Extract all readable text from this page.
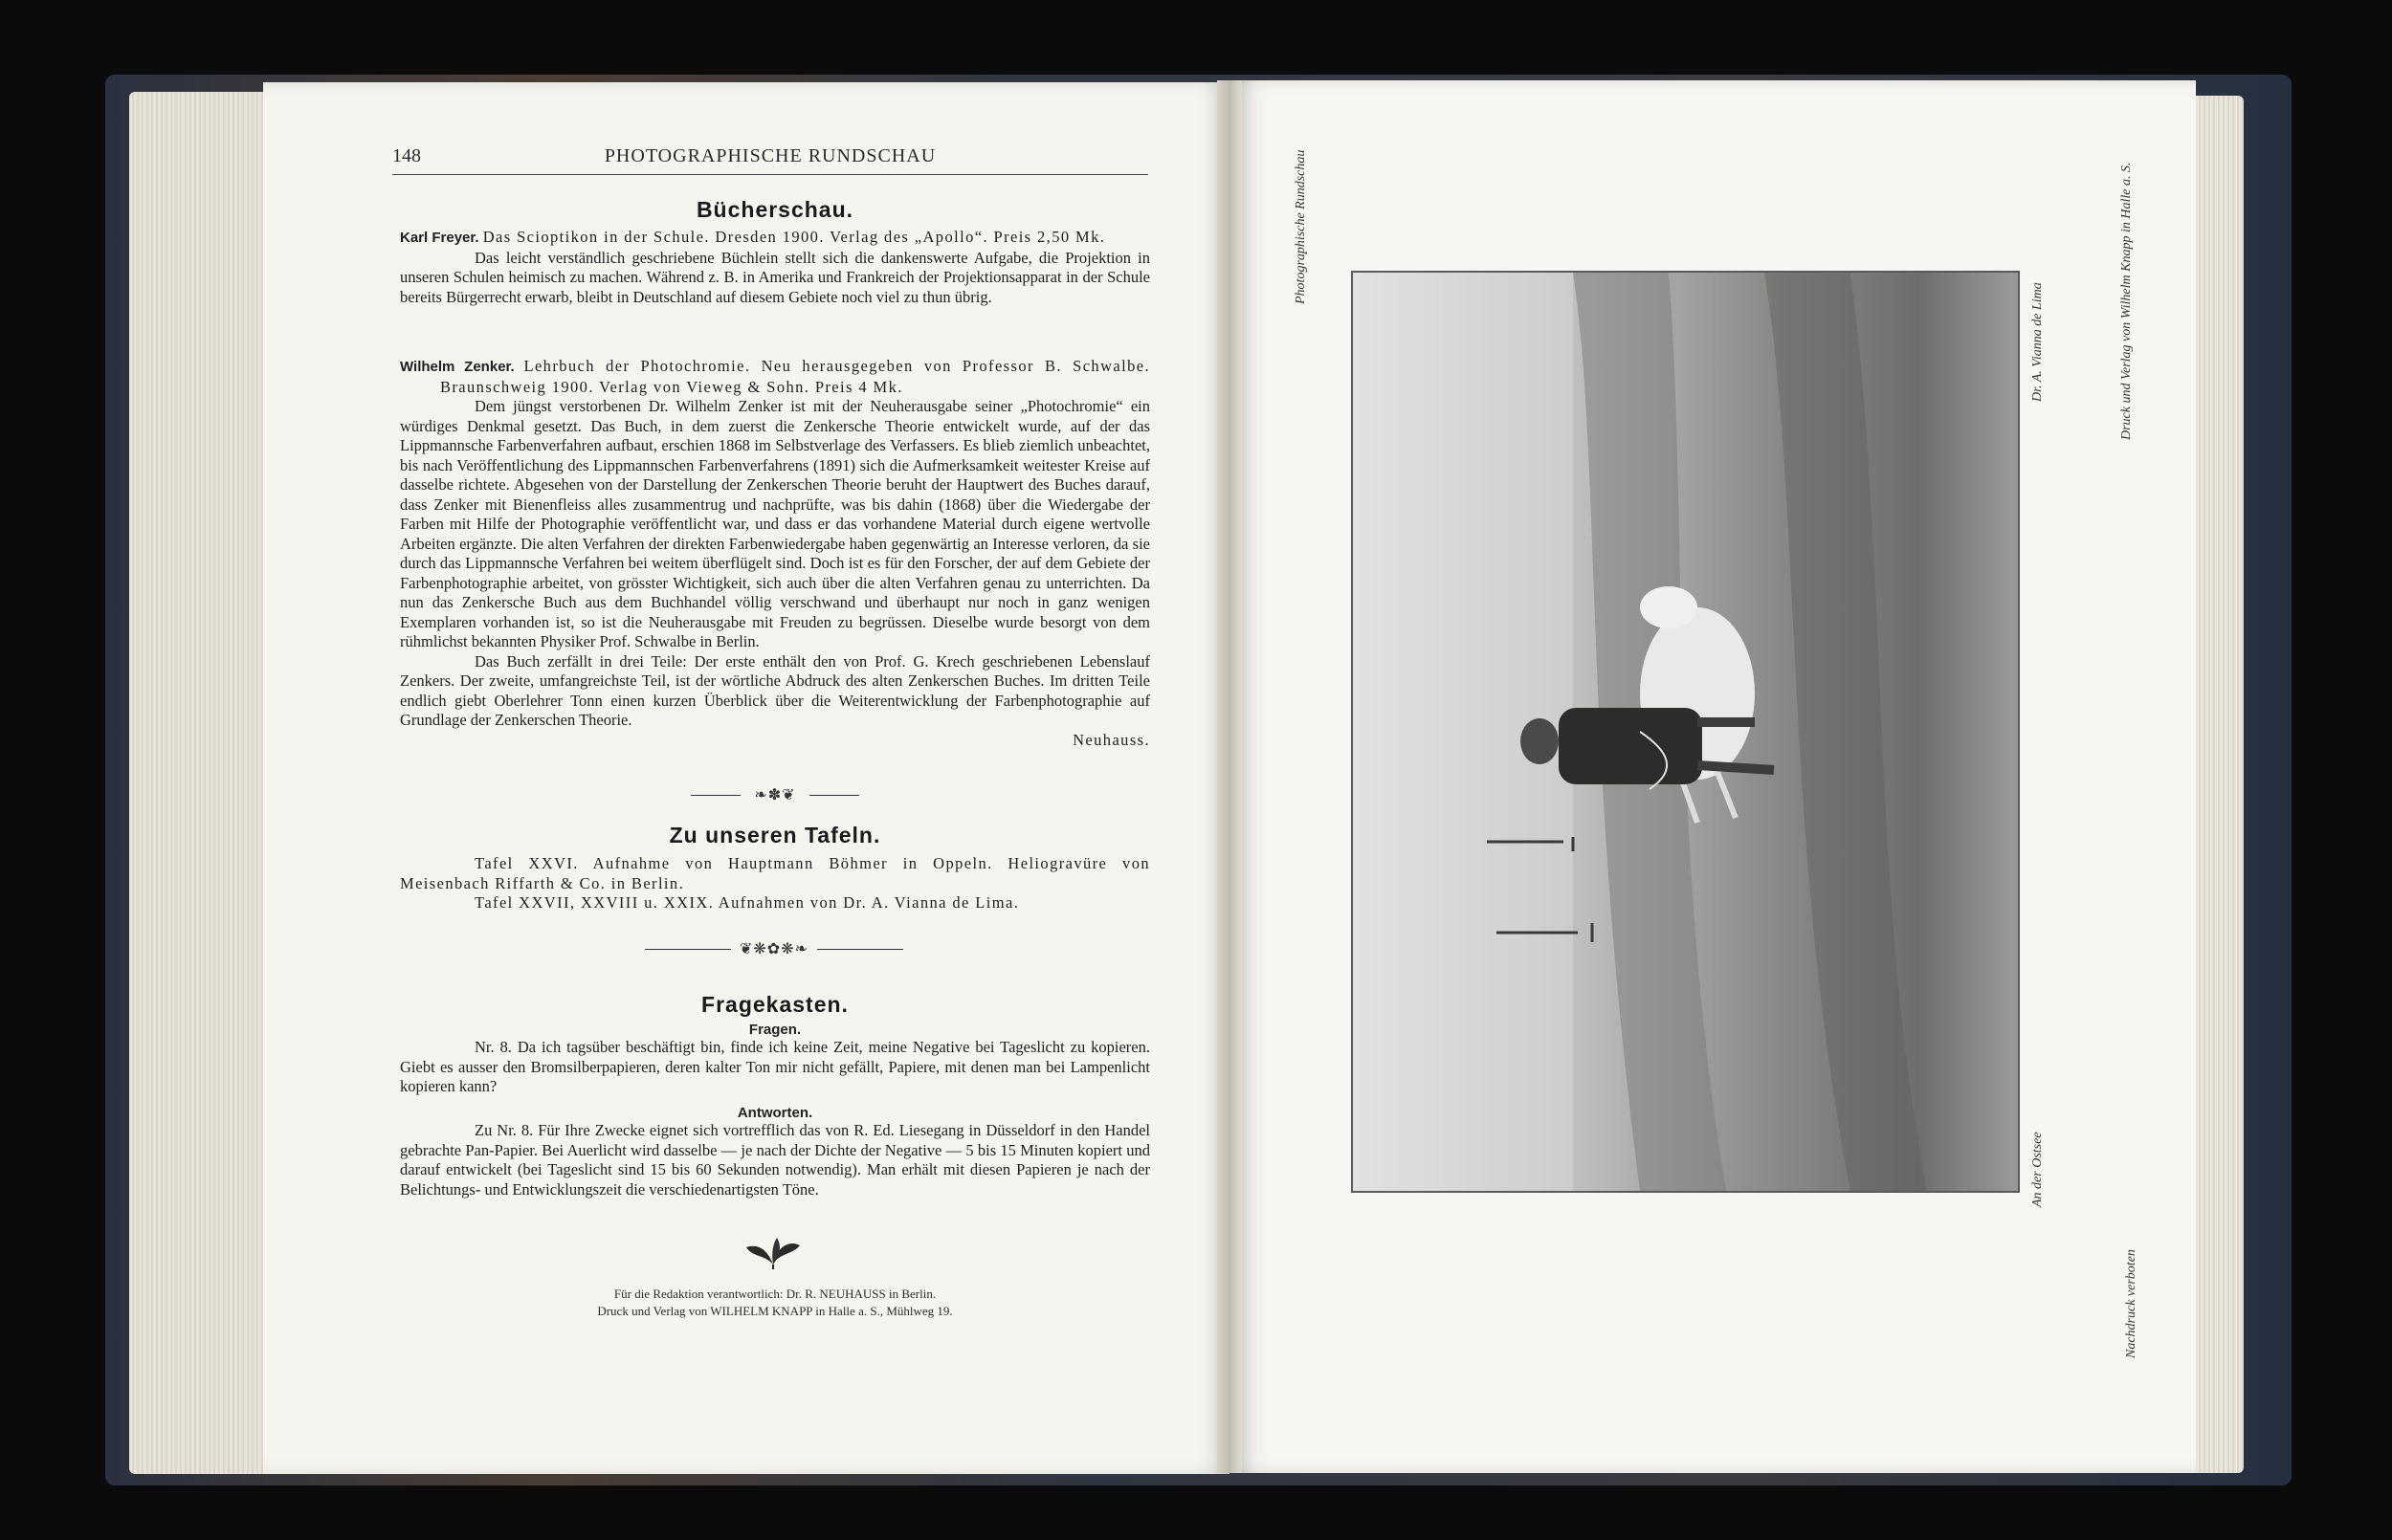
148	PHOTOGRAPHISCHE RUNDSCHAU
Bücherschau.

Karl Freyer. Das Scioptikon in der Schule. Dresden 1900. Verlag des „Apollo“. Preis 2,50 Mk.

Das leicht verständlich geschriebene Büchlein stellt sich die dankenswerte Aufgabe, die Projektion in unseren Schulen heimisch zu machen. Während z. B. in Amerika und Frankreich der Projektionsapparat in der Schule bereits Bürgerrecht erwarb, bleibt in Deutschland auf diesem Gebiete noch viel zu thun übrig.

Wilhelm Zenker. Lehrbuch der Photochromie. Neu herausgegeben von Professor B. Schwalbe. Braunschweig 1900. Verlag von Vieweg & Sohn. Preis 4 Mk.

Dem jüngst verstorbenen Dr. Wilhelm Zenker ist mit der Neuherausgabe seiner „Photochromie“ ein würdiges Denkmal gesetzt. Das Buch, in dem zuerst die Zenkersche Theorie entwickelt wurde, auf der das Lippmannsche Farbenverfahren aufbaut, erschien 1868 im Selbstverlage des Verfassers. Es blieb ziemlich unbeachtet, bis nach Veröffentlichung des Lippmannschen Farbenverfahrens (1891) sich die Aufmerksamkeit weitester Kreise auf dasselbe richtete. Abgesehen von der Darstellung der Zenkerschen Theorie beruht der Hauptwert des Buches darauf, dass Zenker mit Bienenfleiss alles zusammentrug und nachprüfte, was bis dahin (1868) über die Wiedergabe der Farben mit Hilfe der Photographie veröffentlicht war, und dass er das vorhandene Material durch eigene wertvolle Arbeiten ergänzte. Die alten Verfahren der direkten Farbenwiedergabe haben gegenwärtig an Interesse verloren, da sie durch das Lippmannsche Verfahren bei weitem überflügelt sind. Doch ist es für den Forscher, der auf dem Gebiete der Farbenphotographie arbeitet, von grösster Wichtigkeit, sich auch über die alten Verfahren genau zu unterrichten. Da nun das Zenkersche Buch aus dem Buchhandel völlig verschwand und überhaupt nur noch in ganz wenigen Exemplaren vorhanden ist, so ist die Neuherausgabe mit Freuden zu begrüssen. Dieselbe wurde besorgt von dem rühmlichst bekannten Physiker Prof. Schwalbe in Berlin.

Das Buch zerfällt in drei Teile: Der erste enthält den von Prof. G. Krech geschriebenen Lebenslauf Zenkers. Der zweite, umfangreichste Teil, ist der wörtliche Abdruck des alten Zenkerschen Buches. Im dritten Teile endlich giebt Oberlehrer Tonn einen kurzen Überblick über die Weiterentwicklung der Farbenphotographie auf Grundlage der Zenkerschen Theorie.

Neuhauss.

❧✽❦
Zu unseren Tafeln.

Tafel XXVI. Aufnahme von Hauptmann Böhmer in Oppeln. Heliogravüre von Meisenbach Riffarth & Co. in Berlin.

Tafel XXVII, XXVIII u. XXIX. Aufnahmen von Dr. A. Vianna de Lima.

❦❋✿❋❧
Fragekasten.
Fragen.

Nr. 8. Da ich tagsüber beschäftigt bin, finde ich keine Zeit, meine Negative bei Tageslicht zu kopieren. Giebt es ausser den Bromsilberpapieren, deren kalter Ton mir nicht gefällt, Papiere, mit denen man bei Lampenlicht kopieren kann?

Antworten.

Zu Nr. 8. Für Ihre Zwecke eignet sich vortrefflich das von R. Ed. Liesegang in Düsseldorf in den Handel gebrachte Pan-Papier. Bei Auerlicht wird dasselbe — je nach der Dichte der Negative — 5 bis 15 Minuten kopiert und darauf entwickelt (bei Tageslicht sind 15 bis 60 Sekunden notwendig). Man erhält mit diesen Papieren je nach der Belichtungs- und Entwicklungszeit die verschiedenartigsten Töne.

Für die Redaktion verantwortlich: Dr. R. NEUHAUSS in Berlin.
Druck und Verlag von WILHELM KNAPP in Halle a. S., Mühlweg 19.
Photographische Rundschau
Dr. A. Vianna de Lima	Druck und Verlag von Wilhelm Knapp in Halle a. S.
An der Ostsee
Nachdruck verboten
